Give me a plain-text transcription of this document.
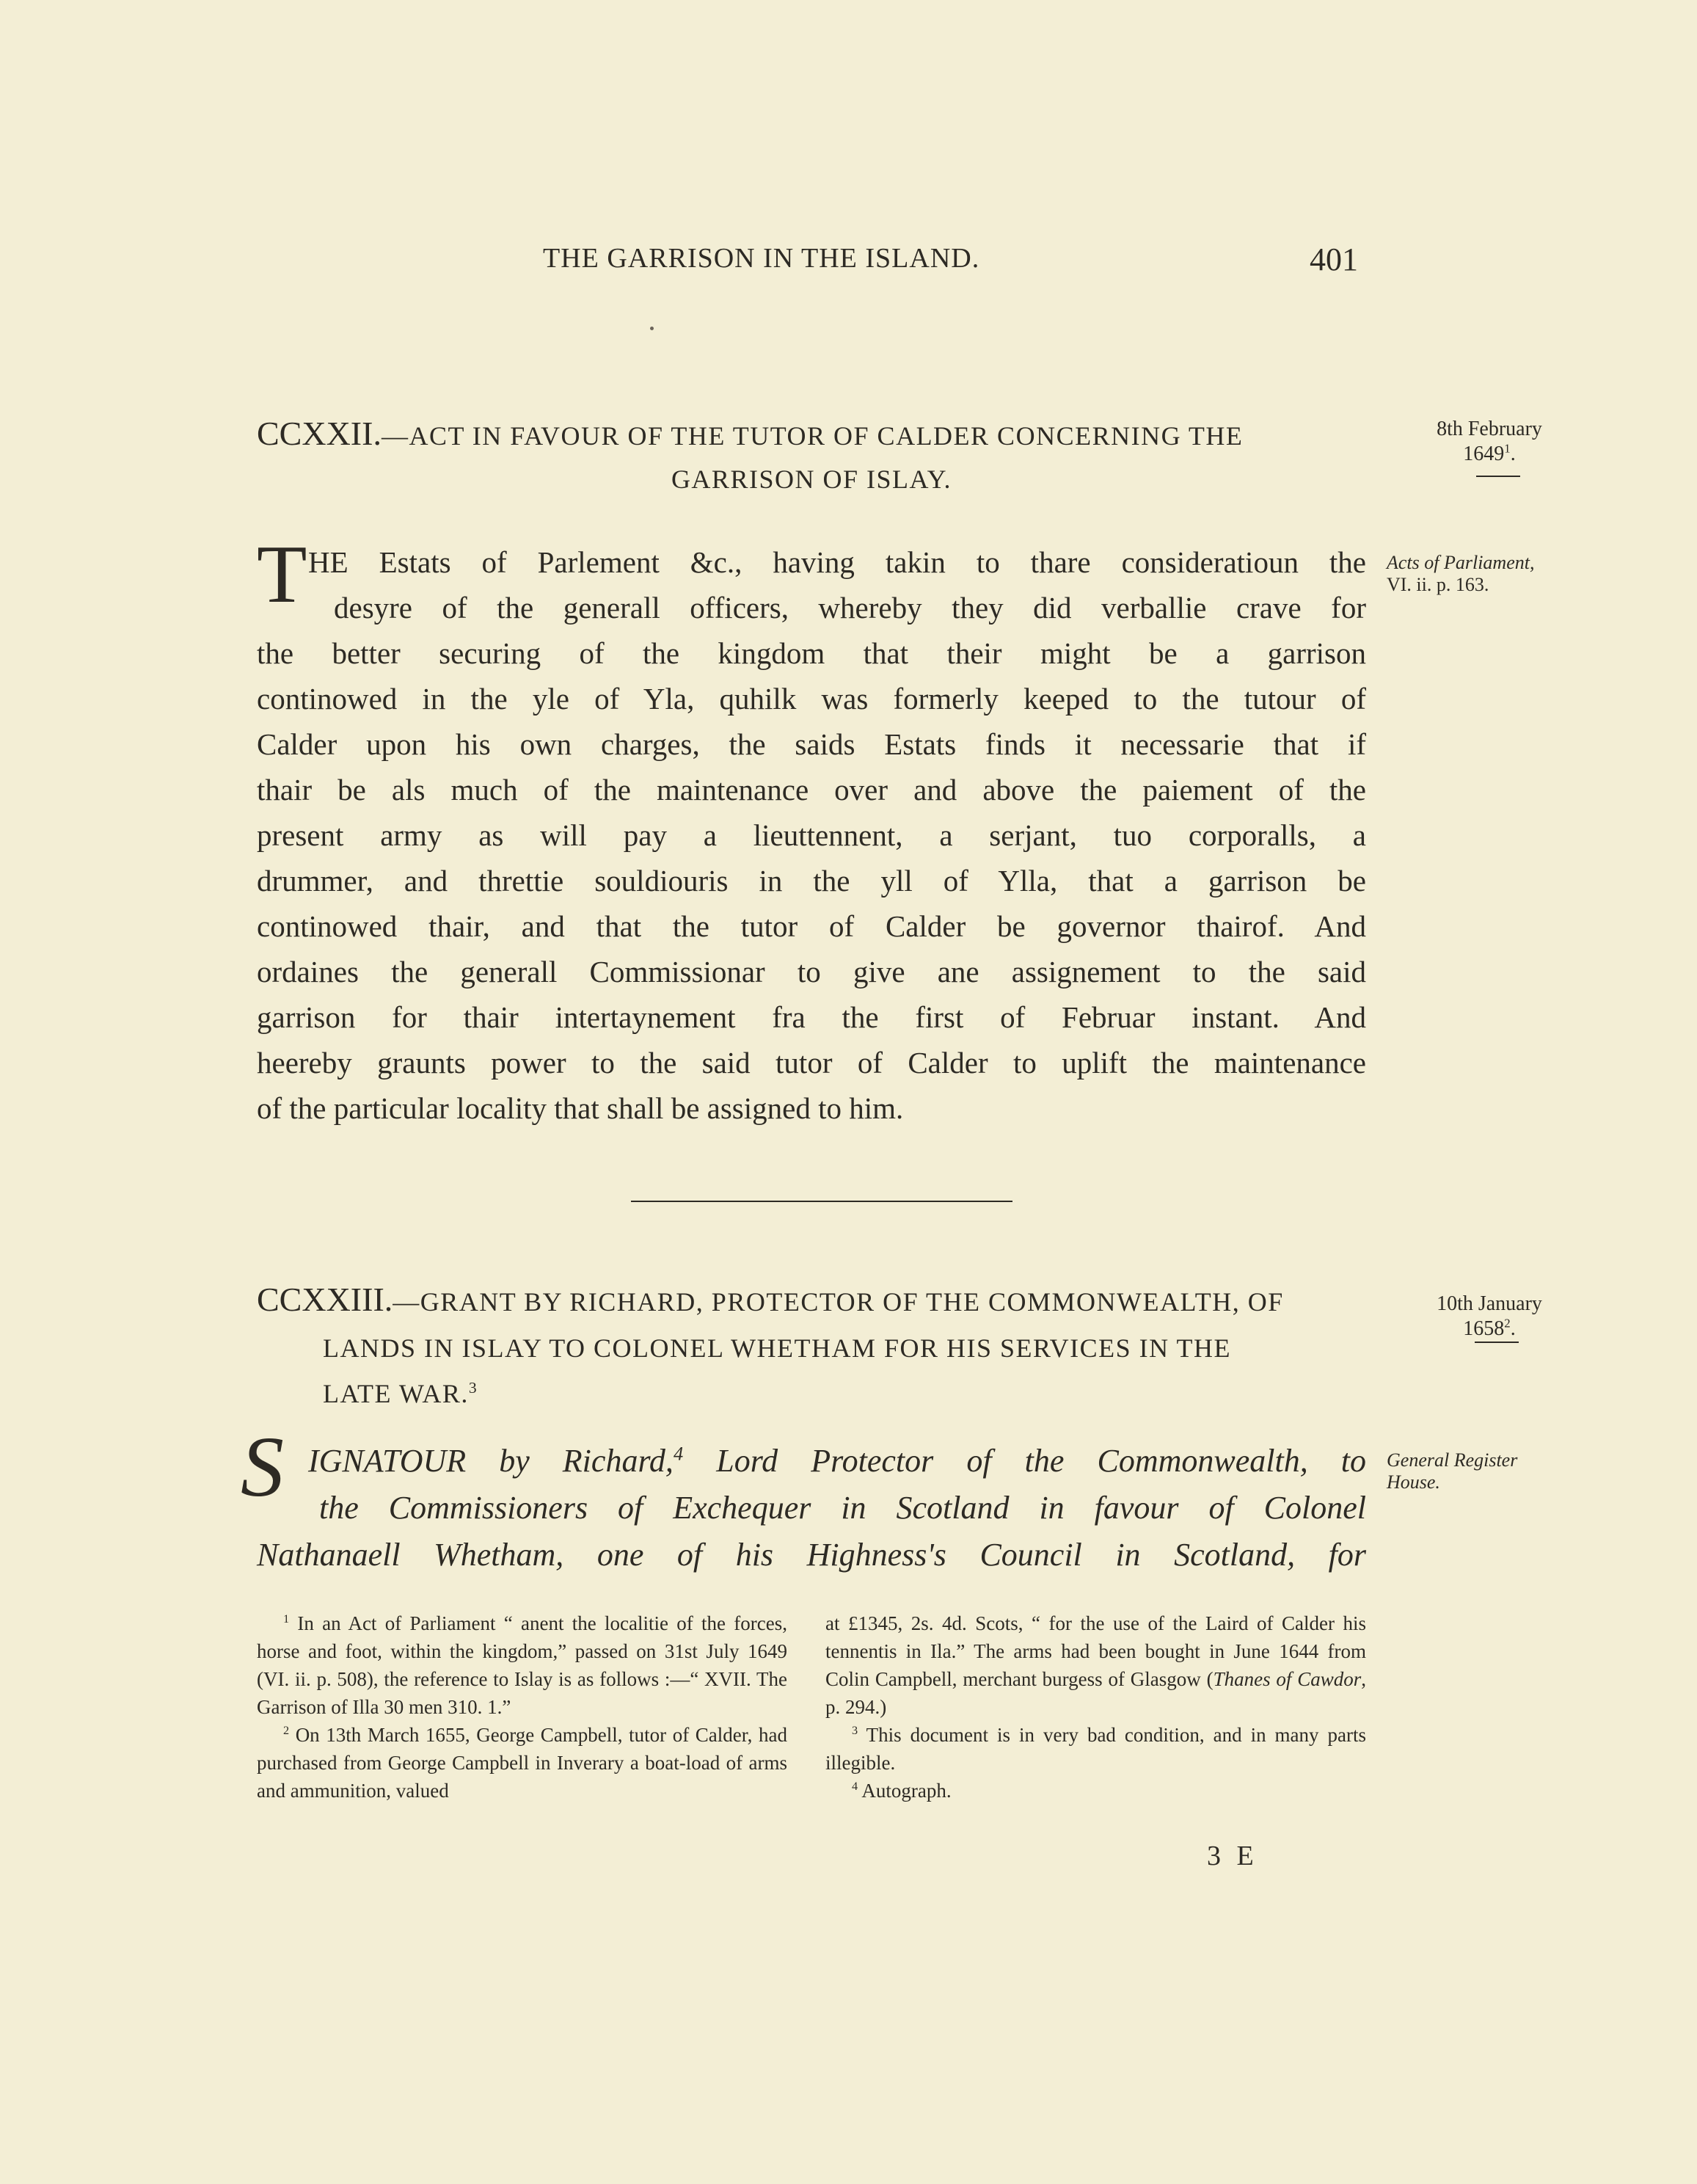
THE GARRISON IN THE ISLAND.	401
CCXXII.—ACT IN FAVOUR OF THE TUTOR OF CALDER CONCERNING THE
GARRISON OF ISLAY.
8th February
1649$^1$.
Acts of Parliament,
VI. ii. p. 163.
T HE Estats of Parlement &c., having takin to thare consideratioun the
desyre of the generall officers, whereby they did verballie crave for
the better securing of the kingdom that their might be a garrison
continowed in the yle of Yla, quhilk was formerly keeped to the tutour of
Calder upon his own charges, the saids Estats finds it necessarie that if
thair be als much of the maintenance over and above the paiement of the
present army as will pay a lieuttennent, a serjant, tuo corporalls, a
drummer, and threttie souldiouris in the yll of Ylla, that a garrison be
continowed thair, and that the tutor of Calder be governor thairof. And
ordaines the generall Commissionar to give ane assignement to the said
garrison for thair intertaynement fra the first of Februar instant. And
heereby graunts power to the said tutor of Calder to uplift the maintenance
of the particular locality that shall be assigned to him.
CCXXIII.—GRANT BY RICHARD, PROTECTOR OF THE COMMONWEALTH, OF
LANDS IN ISLAY TO COLONEL WHETHAM FOR HIS SERVICES IN THE
LATE WAR.$^3$
10th January
1658$^2$.
General Register
House.
S IGNATOUR by Richard,$^4$ Lord Protector of the Commonwealth, to
the Commissioners of Exchequer in Scotland in favour of Colonel
Nathanaell Whetham, one of his Highness's Council in Scotland, for

$^1$ In an Act of Parliament “ anent the localitie of the forces, horse and foot, within the kingdom,” passed on 31st July 1649 (VI. ii. p. 508), the reference to Islay is as follows :—“ XVII. The Garrison of Illa 30 men 310. 1.”

$^2$ On 13th March 1655, George Campbell, tutor of Calder, had purchased from George Campbell in Inverary a boat-load of arms and ammunition, valued

at £1345, 2s. 4d. Scots, “ for the use of the Laird of Calder his tennentis in Ila.” The arms had been bought in June 1644 from Colin Campbell, merchant burgess of Glasgow (Thanes of Cawdor, p. 294.)

$^3$ This document is in very bad condition, and in many parts illegible.

$^4$ Autograph.

3 E
